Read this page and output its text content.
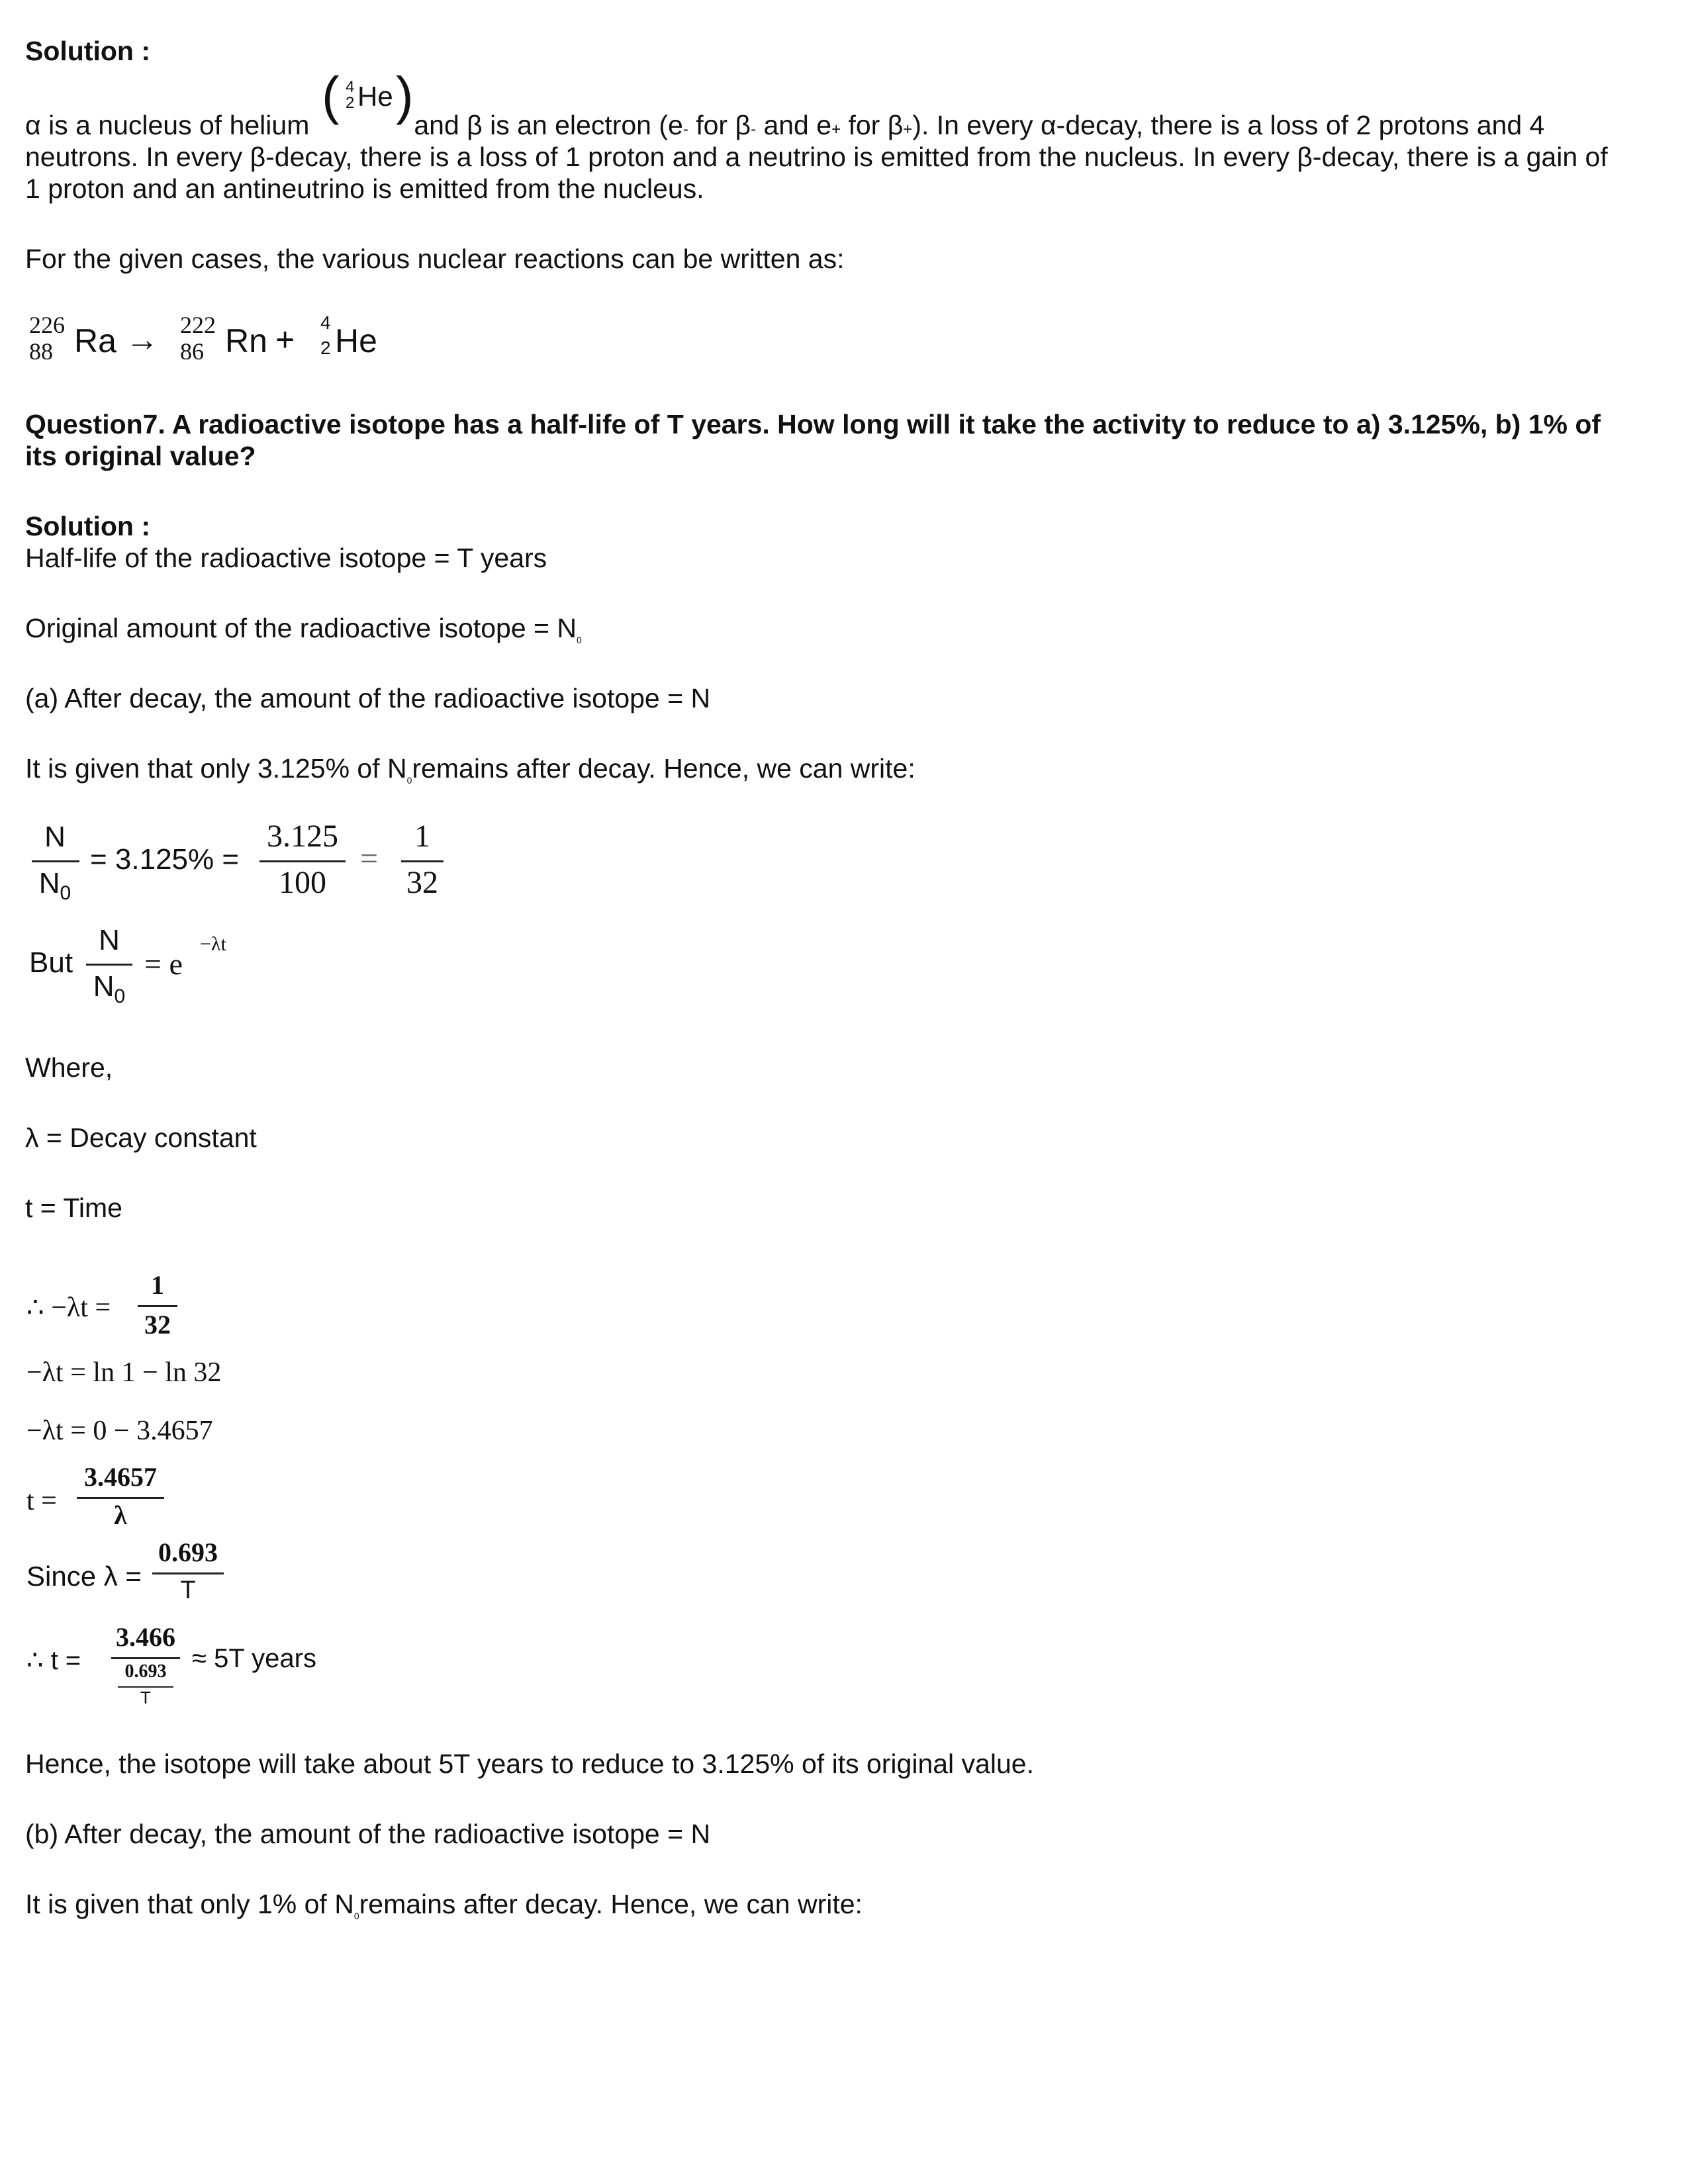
Solution :
( 4
2 He )
α is a nucleus of helium	and β is an electron (e- for β- and e+ for β+). In every α-decay, there is a loss of 2 protons and 4
neutrons. In every β-decay, there is a loss of 1 proton and a neutrino is emitted from the nucleus. In every β-decay, there is a gain of
1 proton and an antineutrino is emitted from the nucleus.
For the given cases, the various nuclear reactions can be written as:
226
88 Ra → 222
86 Rn + 4
2 He
Question7. A radioactive isotope has a half-life of T years. How long will it take the activity to reduce to a) 3.125%, b) 1% of
its original value?
Solution :
Half-life of the radioactive isotope = T years
Original amount of the radioactive isotope = $N_0$
(a) After decay, the amount of the radioactive isotope = N
It is given that only 3.125% of $N_0remains$ after decay. Hence, we can write:
N
$N_0$
= 3.125% =
3.125
100
=
1
32
But
N
$N_0$
= e
−λt
Where,
λ = Decay constant
t = Time
∴ −λt =
1
32
−λt = ln 1 − ln 32
−λt = 0 − 3.4657
t =
3.4657
λ
Since λ =
0.693
T
∴ t =
3.466
0.693
T
≈ 5T years
Hence, the isotope will take about 5T years to reduce to 3.125% of its original value.
(b) After decay, the amount of the radioactive isotope = N
It is given that only 1% of $N_0remains$ after decay. Hence, we can write:
